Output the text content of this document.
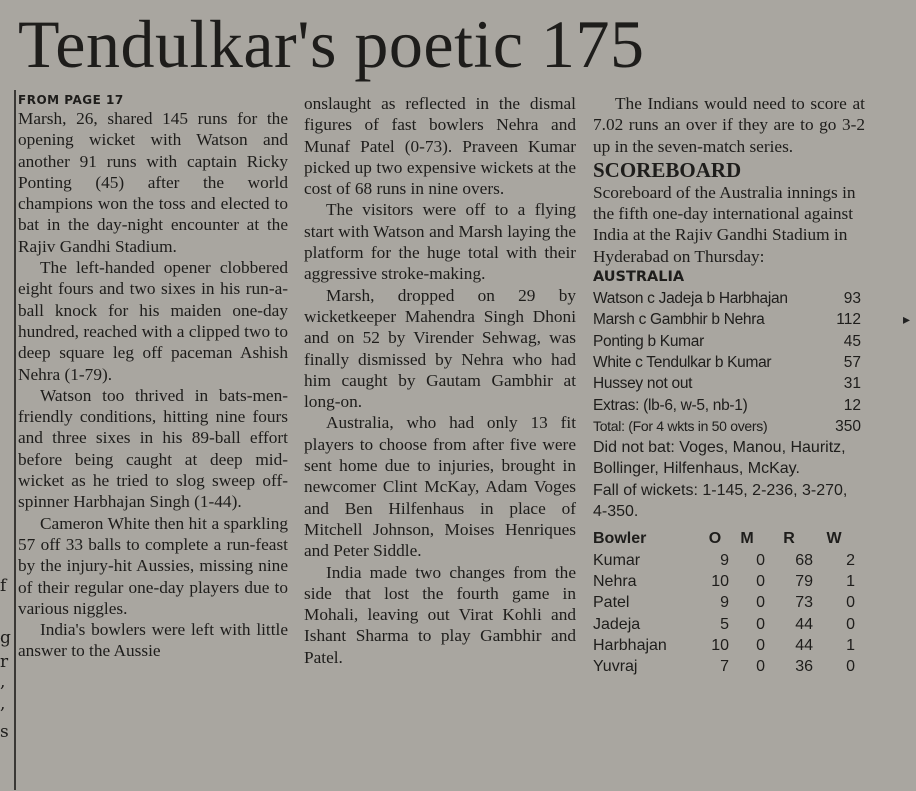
f
g
r
,
,
s
Tendulkar's poetic 175
FROM PAGE 17

Marsh, 26, shared 145 runs for the opening wicket with Watson and another 91 runs with captain Ricky Ponting (45) after the world champions won the toss and elected to bat in the day-night encounter at the Rajiv Gandhi Stadium.

The left-handed opener clobbered eight fours and two sixes in his run-a-ball knock for his maiden one-day hundred, reached with a clipped two to deep square leg off paceman Ashish Nehra (1-79).

Watson too thrived in bats-men-friendly conditions, hitting nine fours and three sixes in his 89-ball effort before being caught at deep mid-wicket as he tried to slog sweep off-spinner Harbhajan Singh (1-44).

Cameron White then hit a sparkling 57 off 33 balls to complete a run-feast by the injury-hit Aussies, missing nine of their regular one-day players due to various niggles.

India's bowlers were left with little answer to the Aussie

onslaught as reflected in the dismal figures of fast bowlers Nehra and Munaf Patel (0-73). Praveen Kumar picked up two expensive wickets at the cost of 68 runs in nine overs.

The visitors were off to a flying start with Watson and Marsh laying the platform for the huge total with their aggressive stroke-making.

Marsh, dropped on 29 by wicketkeeper Mahendra Singh Dhoni and on 52 by Virender Sehwag, was finally dismissed by Nehra who had him caught by Gautam Gambhir at long-on.

Australia, who had only 13 fit players to choose from after five were sent home due to injuries, brought in newcomer Clint McKay, Adam Voges and Ben Hilfenhaus in place of Mitchell Johnson, Moises Henriques and Peter Siddle.

India made two changes from the side that lost the fourth game in Mohali, leaving out Virat Kohli and Ishant Sharma to play Gambhir and Patel.

The Indians would need to score at 7.02 runs an over if they are to go 3-2 up in the seven-match series.

SCOREBOARD

Scoreboard of the Australia innings in the fifth one-day international against India at the Rajiv Gandhi Stadium in Hyderabad on Thursday:

AUSTRALIA
Watson c Jadeja b Harbhajan	93
Marsh c Gambhir b Nehra	112
Ponting b Kumar	45
White c Tendulkar b Kumar	57
Hussey not out	31
Extras: (lb-6, w-5, nb-1)	12
Total: (For 4 wkts in 50 overs)	350

Did not bat: Voges, Manou, Hauritz, Bollinger, Hilfenhaus, McKay.

Fall of wickets: 1-145, 2-236, 3-270, 4-350.

Bowler	O	M	R	W
Kumar	9	0	68	2
Nehra	10	0	79	1
Patel	9	0	73	0
Jadeja	5	0	44	0
Harbhajan	10	0	44	1
Yuvraj	7	0	36	0
▸
